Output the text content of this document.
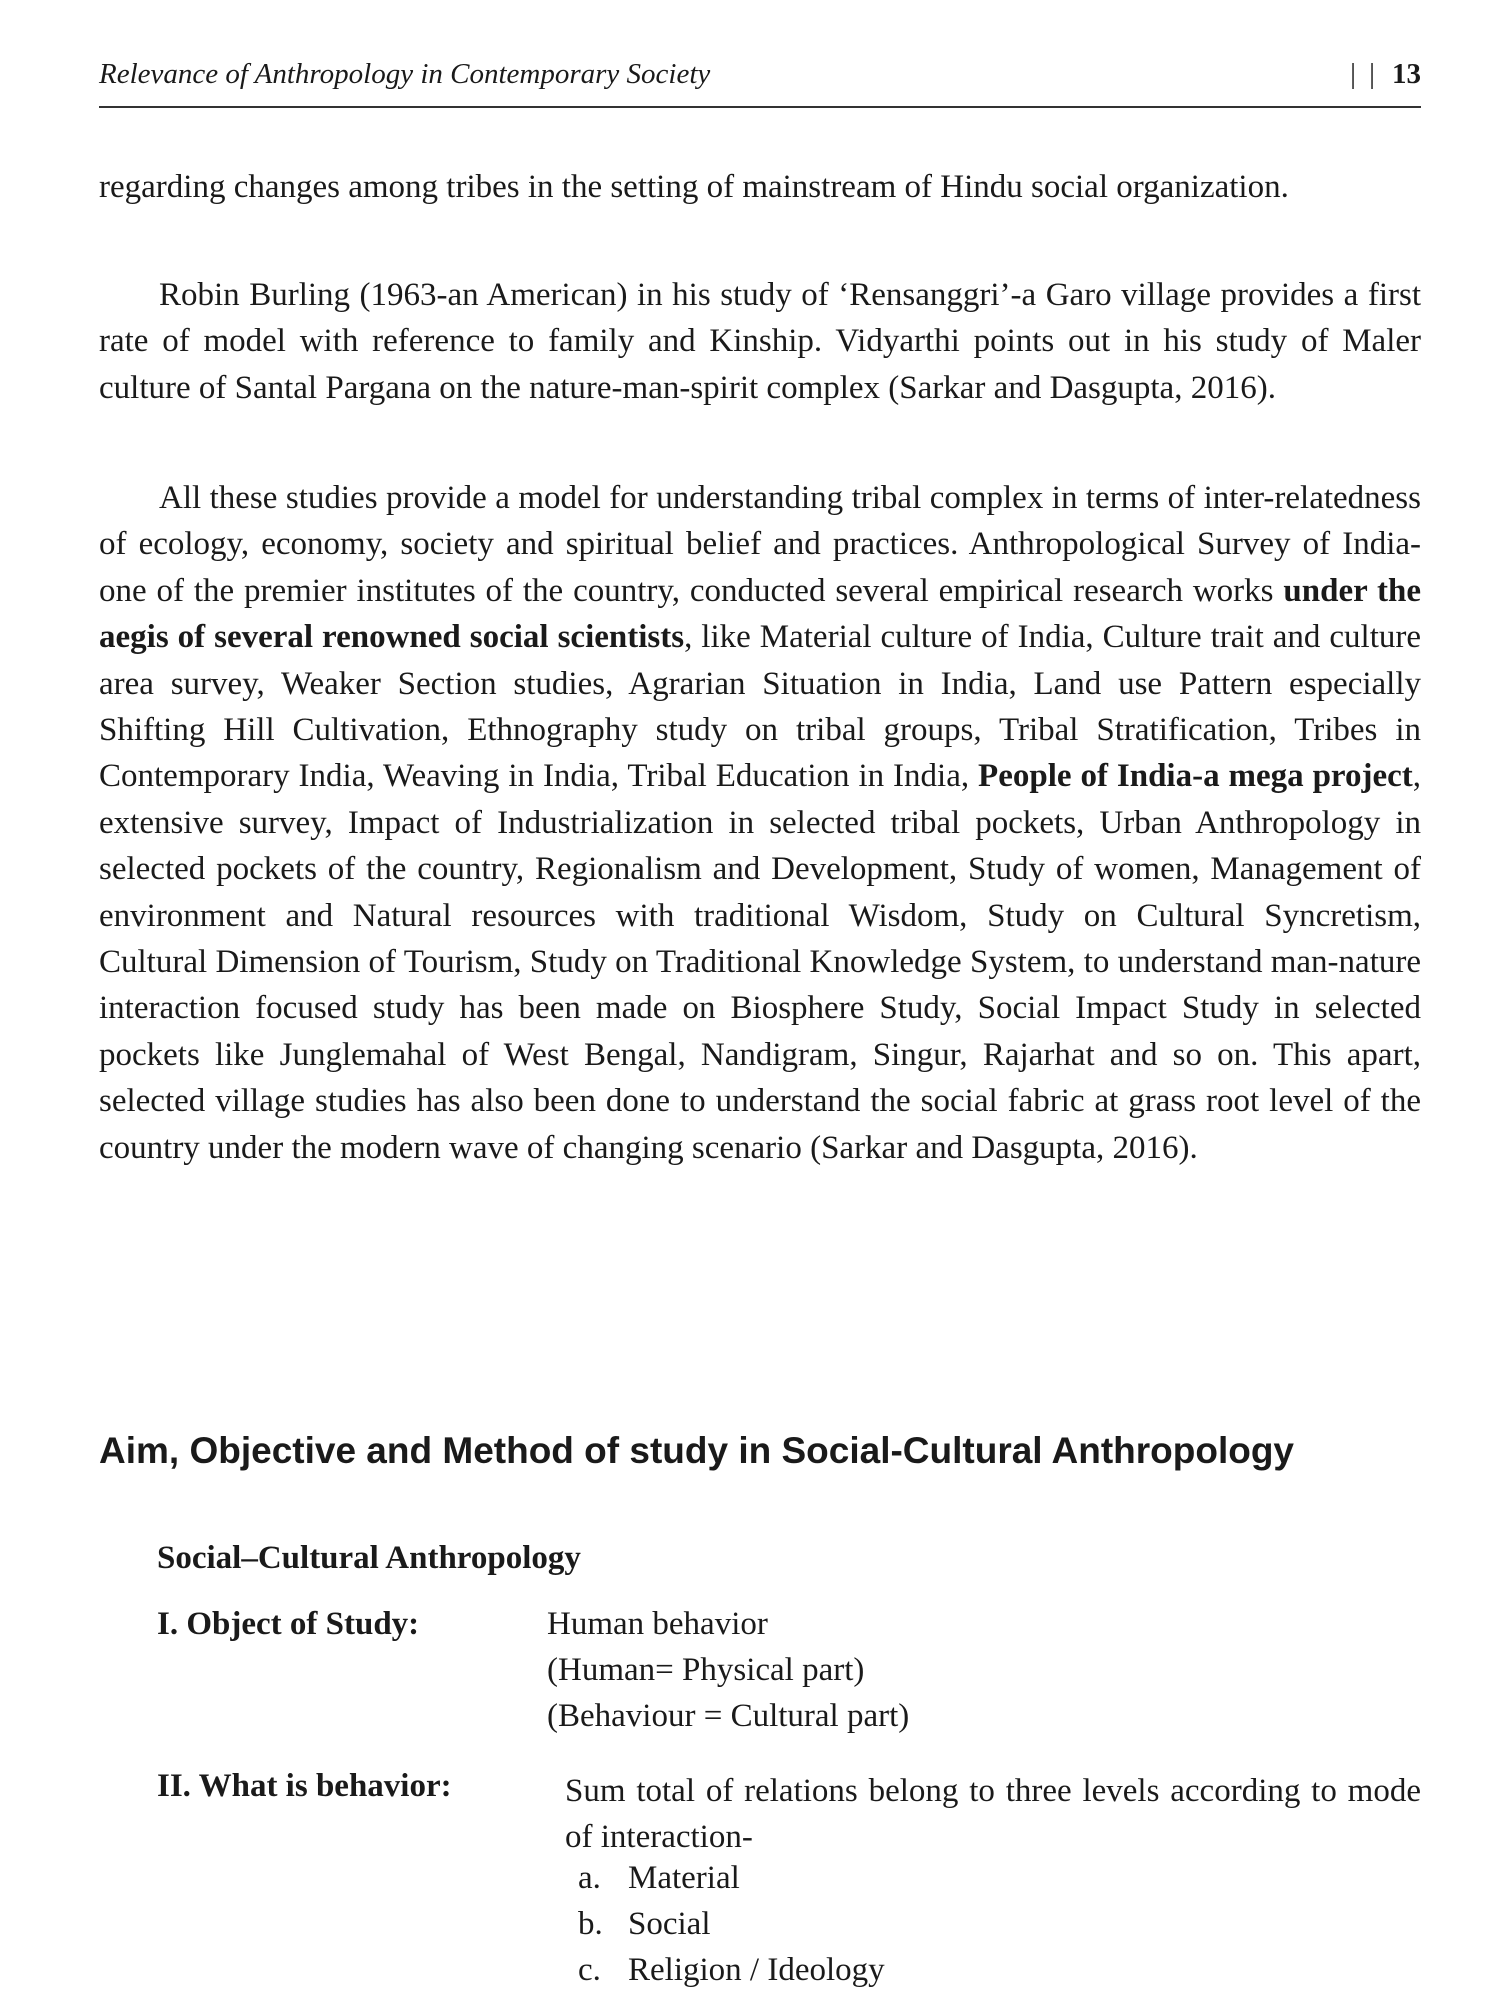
Relevance of Anthropology in Contemporary Society	| | 13

regarding changes among tribes in the setting of mainstream of Hindu social organization.

Robin Burling (1963-an American) in his study of ‘Rensanggri’-a Garo village provides a first rate of model with reference to family and Kinship. Vidyarthi points out in his study of Maler culture of Santal Pargana on the nature-man-spirit complex (Sarkar and Dasgupta, 2016).

All these studies provide a model for understanding tribal complex in terms of inter-relatedness of ecology, economy, society and spiritual belief and practices. Anthropological Survey of India-one of the premier institutes of the country, conducted several empirical research works under the aegis of several renowned social scientists, like Material culture of India, Culture trait and culture area survey, Weaker Section studies, Agrarian Situation in India, Land use Pattern especially Shifting Hill Cultivation, Ethnography study on tribal groups, Tribal Stratification, Tribes in Contemporary India, Weaving in India, Tribal Education in India, People of India-a mega project, extensive survey, Impact of Industrialization in selected tribal pockets, Urban Anthropology in selected pockets of the country, Regionalism and Development, Study of women, Management of environment and Natural resources with traditional Wisdom, Study on Cultural Syncretism, Cultural Dimension of Tourism, Study on Traditional Knowledge System, to understand man-nature interaction focused study has been made on Biosphere Study, Social Impact Study in selected pockets like Junglemahal of West Bengal, Nandigram, Singur, Rajarhat and so on. This apart, selected village studies has also been done to understand the social fabric at grass root level of the country under the modern wave of changing scenario (Sarkar and Dasgupta, 2016).

Aim, Objective and Method of study in Social-Cultural Anthropology
Social–Cultural Anthropology
I. Object of Study:	Human behavior
(Human= Physical part)
(Behaviour = Cultural part)
II. What is behavior:	Sum total of relations belong to three levels according to mode of interaction-

a. Material
b. Social
c. Religion / Ideology
